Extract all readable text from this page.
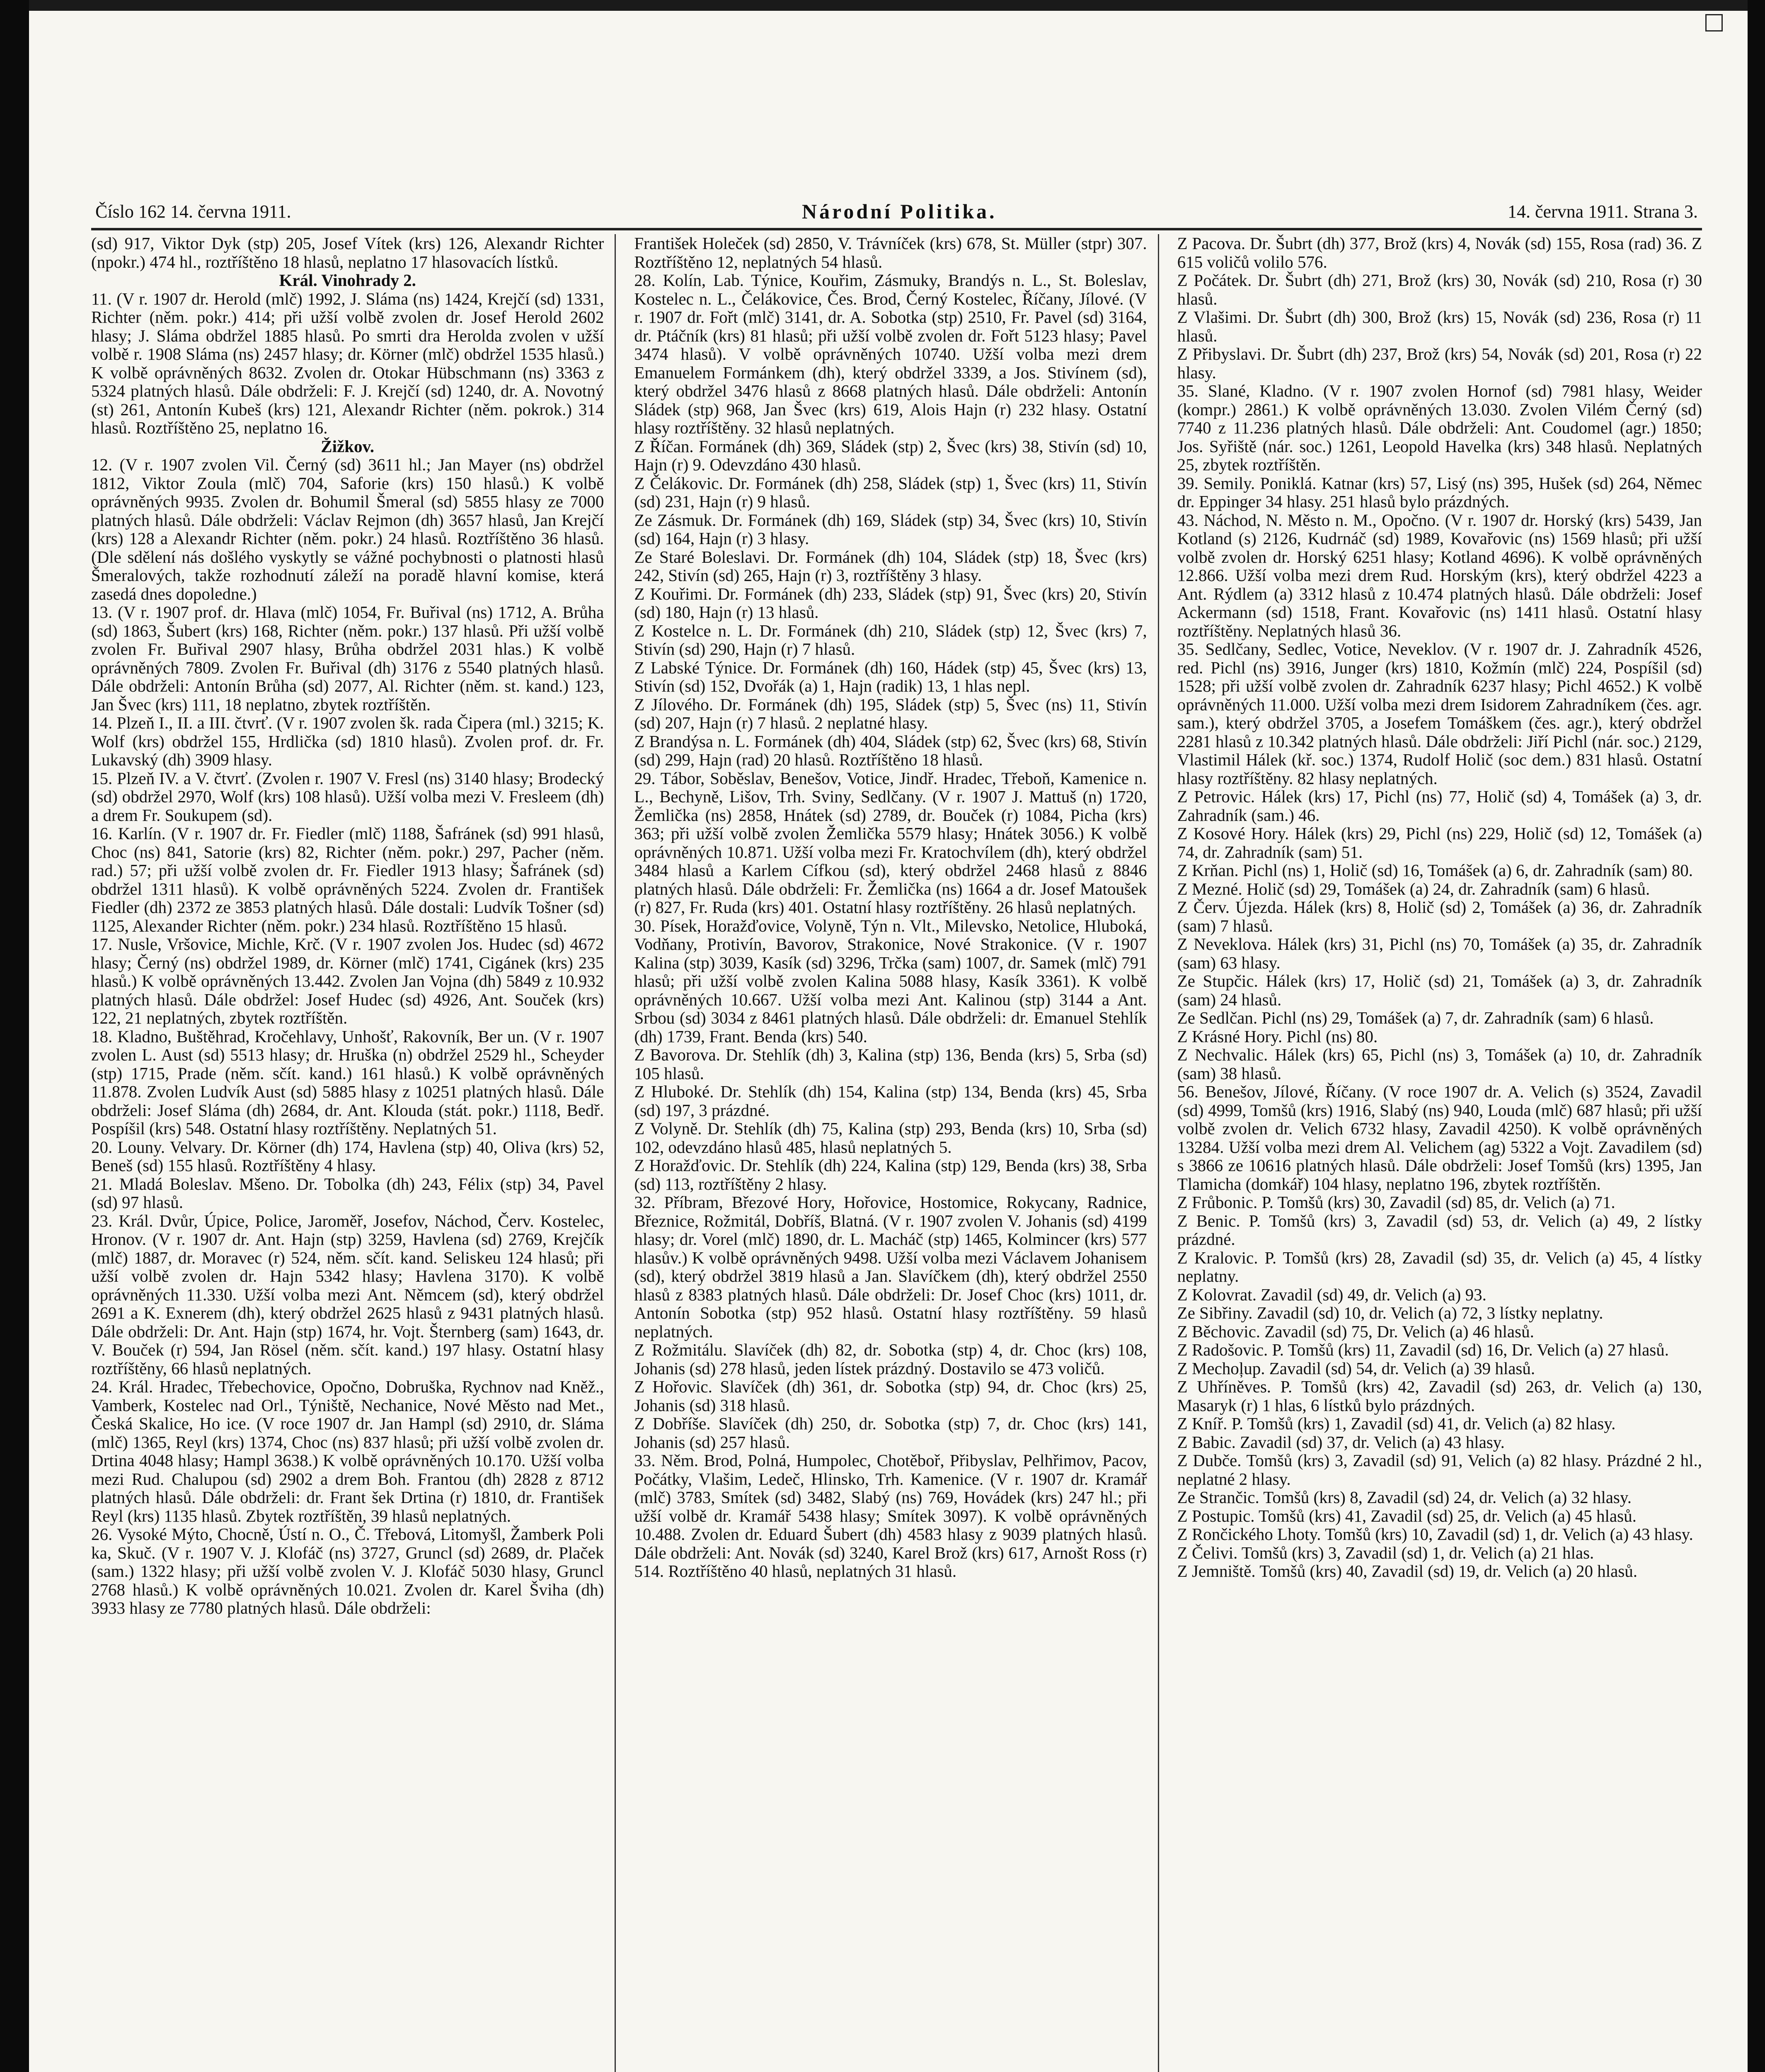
Číslo 162 14. června 1911.	Národní Politika.	14. června 1911. Strana 3.

(sd) 917, Viktor Dyk (stp) 205, Josef Vítek (krs) 126, Alexandr Richter (npokr.) 474 hl., roztříštěno 18 hlasů, neplatno 17 hlasovacích lístků.

Král. Vinohrady 2.

11. (V r. 1907 dr. Herold (mlč) 1992, J. Sláma (ns) 1424, Krejčí (sd) 1331, Richter (něm. pokr.) 414; při užší volbě zvolen dr. Josef Herold 2602 hlasy; J. Sláma obdržel 1885 hlasů. Po smrti dra Herolda zvolen v užší volbě r. 1908 Sláma (ns) 2457 hlasy; dr. Körner (mlč) obdržel 1535 hlasů.) K volbě oprávněných 8632. Zvolen dr. Otokar Hübschmann (ns) 3363 z 5324 platných hlasů. Dále obdrželi: F. J. Krejčí (sd) 1240, dr. A. Novotný (st) 261, Antonín Kubeš (krs) 121, Alexandr Richter (něm. pokrok.) 314 hlasů. Roztříštěno 25, neplatno 16.

Žižkov.

12. (V r. 1907 zvolen Vil. Černý (sd) 3611 hl.; Jan Mayer (ns) obdržel 1812, Viktor Zoula (mlč) 704, Saforie (krs) 150 hlasů.) K volbě oprávněných 9935. Zvolen dr. Bohumil Šmeral (sd) 5855 hlasy ze 7000 platných hlasů. Dále obdrželi: Václav Rejmon (dh) 3657 hlasů, Jan Krejčí (krs) 128 a Alexandr Richter (něm. pokr.) 24 hlasů. Roztříštěno 36 hlasů. (Dle sdělení nás došlého vyskytly se vážné pochybnosti o platnosti hlasů Šmeralových, takže rozhodnutí záleží na poradě hlavní komise, která zasedá dnes dopoledne.)

13. (V r. 1907 prof. dr. Hlava (mlč) 1054, Fr. Buřival (ns) 1712, A. Brůha (sd) 1863, Šubert (krs) 168, Richter (něm. pokr.) 137 hlasů. Při užší volbě zvolen Fr. Buřival 2907 hlasy, Brůha obdržel 2031 hlas.) K volbě oprávněných 7809. Zvolen Fr. Buřival (dh) 3176 z 5540 platných hlasů. Dále obdrželi: Antonín Brůha (sd) 2077, Al. Richter (něm. st. kand.) 123, Jan Švec (krs) 111, 18 neplatno, zbytek roztříštěn.

14. Plzeň I., II. a III. čtvrť. (V r. 1907 zvolen šk. rada Čipera (ml.) 3215; K. Wolf (krs) obdržel 155, Hrdlička (sd) 1810 hlasů). Zvolen prof. dr. Fr. Lukavský (dh) 3909 hlasy.

15. Plzeň IV. a V. čtvrť. (Zvolen r. 1907 V. Fresl (ns) 3140 hlasy; Brodecký (sd) obdržel 2970, Wolf (krs) 108 hlasů). Užší volba mezi V. Fresleem (dh) a drem Fr. Soukupem (sd).

16. Karlín. (V r. 1907 dr. Fr. Fiedler (mlč) 1188, Šafránek (sd) 991 hlasů, Choc (ns) 841, Satorie (krs) 82, Richter (něm. pokr.) 297, Pacher (něm. rad.) 57; při užší volbě zvolen dr. Fr. Fiedler 1913 hlasy; Šafránek (sd) obdržel 1311 hlasů). K volbě oprávněných 5224. Zvolen dr. František Fiedler (dh) 2372 ze 3853 platných hlasů. Dále dostali: Ludvík Tošner (sd) 1125, Alexander Richter (něm. pokr.) 234 hlasů. Roztříštěno 15 hlasů.

17. Nusle, Vršovice, Michle, Krč. (V r. 1907 zvolen Jos. Hudec (sd) 4672 hlasy; Černý (ns) obdržel 1989, dr. Körner (mlč) 1741, Cigánek (krs) 235 hlasů.) K volbě oprávněných 13.442. Zvolen Jan Vojna (dh) 5849 z 10.932 platných hlasů. Dále obdržel: Josef Hudec (sd) 4926, Ant. Souček (krs) 122, 21 neplatných, zbytek roztříštěn.

18. Kladno, Buštěhrad, Kročehlavy, Unhošť, Rakovník, Ber un. (V r. 1907 zvolen L. Aust (sd) 5513 hlasy; dr. Hruška (n) obdržel 2529 hl., Scheyder (stp) 1715, Prade (něm. sčít. kand.) 161 hlasů.) K volbě oprávněných 11.878. Zvolen Ludvík Aust (sd) 5885 hlasy z 10251 platných hlasů. Dále obdrželi: Josef Sláma (dh) 2684, dr. Ant. Klouda (stát. pokr.) 1118, Bedř. Pospíšil (krs) 548. Ostatní hlasy roztříštěny. Neplatných 51.

20. Louny. Velvary. Dr. Körner (dh) 174, Havlena (stp) 40, Oliva (krs) 52, Beneš (sd) 155 hlasů. Roztříštěny 4 hlasy.

21. Mladá Boleslav. Mšeno. Dr. Tobolka (dh) 243, Félix (stp) 34, Pavel (sd) 97 hlasů.

23. Král. Dvůr, Úpice, Police, Jaroměř, Josefov, Náchod, Červ. Kostelec, Hronov. (V r. 1907 dr. Ant. Hajn (stp) 3259, Havlena (sd) 2769, Krejčík (mlč) 1887, dr. Moravec (r) 524, něm. sčít. kand. Seliskeu 124 hlasů; při užší volbě zvolen dr. Hajn 5342 hlasy; Havlena 3170). K volbě oprávněných 11.330. Užší volba mezi Ant. Němcem (sd), který obdržel 2691 a K. Exnerem (dh), který obdržel 2625 hlasů z 9431 platných hlasů. Dále obdrželi: Dr. Ant. Hajn (stp) 1674, hr. Vojt. Šternberg (sam) 1643, dr. V. Bouček (r) 594, Jan Rösel (něm. sčít. kand.) 197 hlasy. Ostatní hlasy roztříštěny, 66 hlasů neplatných.

24. Král. Hradec, Třebechovice, Opočno, Dobruška, Rychnov nad Kněž., Vamberk, Kostelec nad Orl., Týniště, Nechanice, Nové Město nad Met., Česká Skalice, Ho ice. (V roce 1907 dr. Jan Hampl (sd) 2910, dr. Sláma (mlč) 1365, Reyl (krs) 1374, Choc (ns) 837 hlasů; při užší volbě zvolen dr. Drtina 4048 hlasy; Hampl 3638.) K volbě oprávněných 10.170. Užší volba mezi Rud. Chalupou (sd) 2902 a drem Boh. Frantou (dh) 2828 z 8712 platných hlasů. Dále obdrželi: dr. Frant šek Drtina (r) 1810, dr. František Reyl (krs) 1135 hlasů. Zbytek roztříštěn, 39 hlasů neplatných.

26. Vysoké Mýto, Chocně, Ústí n. O., Č. Třebová, Litomyšl, Žamberk Poli ka, Skuč. (V r. 1907 V. J. Klofáč (ns) 3727, Gruncl (sd) 2689, dr. Plaček (sam.) 1322 hlasy; při užší volbě zvolen V. J. Klofáč 5030 hlasy, Gruncl 2768 hlasů.) K volbě oprávněných 10.021. Zvolen dr. Karel Šviha (dh) 3933 hlasy ze 7780 platných hlasů. Dále obdrželi:

František Holeček (sd) 2850, V. Trávníček (krs) 678, St. Müller (stpr) 307. Roztříštěno 12, neplatných 54 hlasů.

28. Kolín, Lab. Týnice, Kouřim, Zásmuky, Brandýs n. L., St. Boleslav, Kostelec n. L., Čelákovice, Čes. Brod, Černý Kostelec, Říčany, Jílové. (V r. 1907 dr. Fořt (mlč) 3141, dr. A. Sobotka (stp) 2510, Fr. Pavel (sd) 3164, dr. Ptáčník (krs) 81 hlasů; při užší volbě zvolen dr. Fořt 5123 hlasy; Pavel 3474 hlasů). V volbě oprávněných 10740. Užší volba mezi drem Emanuelem Formánkem (dh), který obdržel 3339, a Jos. Stivínem (sd), který obdržel 3476 hlasů z 8668 platných hlasů. Dále obdrželi: Antonín Sládek (stp) 968, Jan Švec (krs) 619, Alois Hajn (r) 232 hlasy. Ostatní hlasy roztříštěny. 32 hlasů neplatných.

Z Říčan. Formánek (dh) 369, Sládek (stp) 2, Švec (krs) 38, Stivín (sd) 10, Hajn (r) 9. Odevzdáno 430 hlasů.

Z Čelákovic. Dr. Formánek (dh) 258, Sládek (stp) 1, Švec (krs) 11, Stivín (sd) 231, Hajn (r) 9 hlasů.

Ze Zásmuk. Dr. Formánek (dh) 169, Sládek (stp) 34, Švec (krs) 10, Stivín (sd) 164, Hajn (r) 3 hlasy.

Ze Staré Boleslavi. Dr. Formánek (dh) 104, Sládek (stp) 18, Švec (krs) 242, Stivín (sd) 265, Hajn (r) 3, roztříštěny 3 hlasy.

Z Kouřimi. Dr. Formánek (dh) 233, Sládek (stp) 91, Švec (krs) 20, Stivín (sd) 180, Hajn (r) 13 hlasů.

Z Kostelce n. L. Dr. Formánek (dh) 210, Sládek (stp) 12, Švec (krs) 7, Stivín (sd) 290, Hajn (r) 7 hlasů.

Z Labské Týnice. Dr. Formánek (dh) 160, Hádek (stp) 45, Švec (krs) 13, Stivín (sd) 152, Dvořák (a) 1, Hajn (radik) 13, 1 hlas nepl.

Z Jílového. Dr. Formánek (dh) 195, Sládek (stp) 5, Švec (ns) 11, Stivín (sd) 207, Hajn (r) 7 hlasů. 2 neplatné hlasy.

Z Brandýsa n. L. Formánek (dh) 404, Sládek (stp) 62, Švec (krs) 68, Stivín (sd) 299, Hajn (rad) 20 hlasů. Roztříštěno 18 hlasů.

29. Tábor, Soběslav, Benešov, Votice, Jindř. Hradec, Třeboň, Kamenice n. L., Bechyně, Lišov, Trh. Sviny, Sedlčany. (V r. 1907 J. Mattuš (n) 1720, Žemlička (ns) 2858, Hnátek (sd) 2789, dr. Bouček (r) 1084, Picha (krs) 363; při užší volbě zvolen Žemlička 5579 hlasy; Hnátek 3056.) K volbě oprávněných 10.871. Užší volba mezi Fr. Kratochvílem (dh), který obdržel 3484 hlasů a Karlem Cífkou (sd), který obdržel 2468 hlasů z 8846 platných hlasů. Dále obdrželi: Fr. Žemlička (ns) 1664 a dr. Josef Matoušek (r) 827, Fr. Ruda (krs) 401. Ostatní hlasy roztříštěny. 26 hlasů neplatných.

30. Písek, Horažďovice, Volyně, Týn n. Vlt., Milevsko, Netolice, Hluboká, Vodňany, Protivín, Bavorov, Strakonice, Nové Strakonice. (V r. 1907 Kalina (stp) 3039, Kasík (sd) 3296, Trčka (sam) 1007, dr. Samek (mlč) 791 hlasů; při užší volbě zvolen Kalina 5088 hlasy, Kasík 3361). K volbě oprávněných 10.667. Užší volba mezi Ant. Kalinou (stp) 3144 a Ant. Srbou (sd) 3034 z 8461 platných hlasů. Dále obdrželi: dr. Emanuel Stehlík (dh) 1739, Frant. Benda (krs) 540.

Z Bavorova. Dr. Stehlík (dh) 3, Kalina (stp) 136, Benda (krs) 5, Srba (sd) 105 hlasů.

Z Hluboké. Dr. Stehlík (dh) 154, Kalina (stp) 134, Benda (krs) 45, Srba (sd) 197, 3 prázdné.

Z Volyně. Dr. Stehlík (dh) 75, Kalina (stp) 293, Benda (krs) 10, Srba (sd) 102, odevzdáno hlasů 485, hlasů neplatných 5.

Z Horažďovic. Dr. Stehlík (dh) 224, Kalina (stp) 129, Benda (krs) 38, Srba (sd) 113, roztříštěny 2 hlasy.

32. Příbram, Březové Hory, Hořovice, Hostomice, Rokycany, Radnice, Březnice, Rožmitál, Dobříš, Blatná. (V r. 1907 zvolen V. Johanis (sd) 4199 hlasy; dr. Vorel (mlč) 1890, dr. L. Macháč (stp) 1465, Kolmincer (krs) 577 hlasův.) K volbě oprávněných 9498. Užší volba mezi Václavem Johanisem (sd), který obdržel 3819 hlasů a Jan. Slavíčkem (dh), který obdržel 2550 hlasů z 8383 platných hlasů. Dále obdrželi: Dr. Josef Choc (krs) 1011, dr. Antonín Sobotka (stp) 952 hlasů. Ostatní hlasy roztříštěny. 59 hlasů neplatných.

Z Rožmitálu. Slavíček (dh) 82, dr. Sobotka (stp) 4, dr. Choc (krs) 108, Johanis (sd) 278 hlasů, jeden lístek prázdný. Dostavilo se 473 voličů.

Z Hořovic. Slavíček (dh) 361, dr. Sobotka (stp) 94, dr. Choc (krs) 25, Johanis (sd) 318 hlasů.

Z Dobříše. Slavíček (dh) 250, dr. Sobotka (stp) 7, dr. Choc (krs) 141, Johanis (sd) 257 hlasů.

33. Něm. Brod, Polná, Humpolec, Chotěboř, Přibyslav, Pelhřimov, Pacov, Počátky, Vlašim, Ledeč, Hlinsko, Trh. Kamenice. (V r. 1907 dr. Kramář (mlč) 3783, Smítek (sd) 3482, Slabý (ns) 769, Hovádek (krs) 247 hl.; při užší volbě dr. Kramář 5438 hlasy; Smítek 3097). K volbě oprávněných 10.488. Zvolen dr. Eduard Šubert (dh) 4583 hlasy z 9039 platných hlasů. Dále obdrželi: Ant. Novák (sd) 3240, Karel Brož (krs) 617, Arnošt Ross (r) 514. Roztříštěno 40 hlasů, neplatných 31 hlasů.

Z Pacova. Dr. Šubrt (dh) 377, Brož (krs) 4, Novák (sd) 155, Rosa (rad) 36. Z 615 voličů volilo 576.

Z Počátek. Dr. Šubrt (dh) 271, Brož (krs) 30, Novák (sd) 210, Rosa (r) 30 hlasů.

Z Vlašimi. Dr. Šubrt (dh) 300, Brož (krs) 15, Novák (sd) 236, Rosa (r) 11 hlasů.

Z Přibyslavi. Dr. Šubrt (dh) 237, Brož (krs) 54, Novák (sd) 201, Rosa (r) 22 hlasy.

35. Slané, Kladno. (V r. 1907 zvolen Hornof (sd) 7981 hlasy, Weider (kompr.) 2861.) K volbě oprávněných 13.030. Zvolen Vilém Černý (sd) 7740 z 11.236 platných hlasů. Dále obdrželi: Ant. Coudomel (agr.) 1850; Jos. Syřiště (nár. soc.) 1261, Leopold Havelka (krs) 348 hlasů. Neplatných 25, zbytek roztříštěn.

39. Semily. Poniklá. Katnar (krs) 57, Lisý (ns) 395, Hušek (sd) 264, Němec dr. Eppinger 34 hlasy. 251 hlasů bylo prázdných.

43. Náchod, N. Město n. M., Opočno. (V r. 1907 dr. Horský (krs) 5439, Jan Kotland (s) 2126, Kudrnáč (sd) 1989, Kovařovic (ns) 1569 hlasů; při užší volbě zvolen dr. Horský 6251 hlasy; Kotland 4696). K volbě oprávněných 12.866. Užší volba mezi drem Rud. Horským (krs), který obdržel 4223 a Ant. Rýdlem (a) 3312 hlasů z 10.474 platných hlasů. Dále obdrželi: Josef Ackermann (sd) 1518, Frant. Kovařovic (ns) 1411 hlasů. Ostatní hlasy roztříštěny. Neplatných hlasů 36.

35. Sedlčany, Sedlec, Votice, Neveklov. (V r. 1907 dr. J. Zahradník 4526, red. Pichl (ns) 3916, Junger (krs) 1810, Kožmín (mlč) 224, Pospíšil (sd) 1528; při užší volbě zvolen dr. Zahradník 6237 hlasy; Pichl 4652.) K volbě oprávněných 11.000. Užší volba mezi drem Isidorem Zahradníkem (čes. agr. sam.), který obdržel 3705, a Josefem Tomáškem (čes. agr.), který obdržel 2281 hlasů z 10.342 platných hlasů. Dále obdrželi: Jiří Pichl (nár. soc.) 2129, Vlastimil Hálek (kř. soc.) 1374, Rudolf Holič (soc dem.) 831 hlasů. Ostatní hlasy roztříštěny. 82 hlasy neplatných.

Z Petrovic. Hálek (krs) 17, Pichl (ns) 77, Holič (sd) 4, Tomášek (a) 3, dr. Zahradník (sam.) 46.

Z Kosové Hory. Hálek (krs) 29, Pichl (ns) 229, Holič (sd) 12, Tomášek (a) 74, dr. Zahradník (sam) 51.

Z Krňan. Pichl (ns) 1, Holič (sd) 16, Tomášek (a) 6, dr. Zahradník (sam) 80.

Z Mezné. Holič (sd) 29, Tomášek (a) 24, dr. Zahradník (sam) 6 hlasů.

Z Červ. Újezda. Hálek (krs) 8, Holič (sd) 2, Tomášek (a) 36, dr. Zahradník (sam) 7 hlasů.

Z Neveklova. Hálek (krs) 31, Pichl (ns) 70, Tomášek (a) 35, dr. Zahradník (sam) 63 hlasy.

Ze Stupčic. Hálek (krs) 17, Holič (sd) 21, Tomášek (a) 3, dr. Zahradník (sam) 24 hlasů.

Ze Sedlčan. Pichl (ns) 29, Tomášek (a) 7, dr. Zahradník (sam) 6 hlasů.

Z Krásné Hory. Pichl (ns) 80.

Z Nechvalic. Hálek (krs) 65, Pichl (ns) 3, Tomášek (a) 10, dr. Zahradník (sam) 38 hlasů.

56. Benešov, Jílové, Říčany. (V roce 1907 dr. A. Velich (s) 3524, Zavadil (sd) 4999, Tomšů (krs) 1916, Slabý (ns) 940, Louda (mlč) 687 hlasů; při užší volbě zvolen dr. Velich 6732 hlasy, Zavadil 4250). K volbě oprávněných 13284. Užší volba mezi drem Al. Velichem (ag) 5322 a Vojt. Zavadilem (sd) s 3866 ze 10616 platných hlasů. Dále obdrželi: Josef Tomšů (krs) 1395, Jan Tlamicha (domkář) 104 hlasy, neplatno 196, zbytek roztříštěn.

Z Frůbonic. P. Tomšů (krs) 30, Zavadil (sd) 85, dr. Velich (a) 71.

Z Benic. P. Tomšů (krs) 3, Zavadil (sd) 53, dr. Velich (a) 49, 2 lístky prázdné.

Z Kralovic. P. Tomšů (krs) 28, Zavadil (sd) 35, dr. Velich (a) 45, 4 lístky neplatny.

Z Kolovrat. Zavadil (sd) 49, dr. Velich (a) 93.

Ze Sibřiny. Zavadil (sd) 10, dr. Velich (a) 72, 3 lístky neplatny.

Z Běchovic. Zavadil (sd) 75, Dr. Velich (a) 46 hlasů.

Z Radošovic. P. Tomšů (krs) 11, Zavadil (sd) 16, Dr. Velich (a) 27 hlasů.

Z Mechoļup. Zavadil (sd) 54, dr. Velich (a) 39 hlasů.

Z Uhříněves. P. Tomšů (krs) 42, Zavadil (sd) 263, dr. Velich (a) 130, Masaryk (r) 1 hlas, 6 lístků bylo prázdných.

Z Kníř. P. Tomšů (krs) 1, Zavadil (sd) 41, dr. Velich (a) 82 hlasy.

Z Babic. Zavadil (sd) 37, dr. Velich (a) 43 hlasy.

Z Dubče. Tomšů (krs) 3, Zavadil (sd) 91, Velich (a) 82 hlasy. Prázdné 2 hl., neplatné 2 hlasy.

Ze Strančic. Tomšů (krs) 8, Zavadil (sd) 24, dr. Velich (a) 32 hlasy.

Z Postupic. Tomšů (krs) 41, Zavadil (sd) 25, dr. Velich (a) 45 hlasů.

Z Rončického Lhoty. Tomšů (krs) 10, Zavadil (sd) 1, dr. Velich (a) 43 hlasy.

Z Čelivi. Tomšů (krs) 3, Zavadil (sd) 1, dr. Velich (a) 21 hlas.

Z Jemniště. Tomšů (krs) 40, Zavadil (sd) 19, dr. Velich (a) 20 hlasů.
